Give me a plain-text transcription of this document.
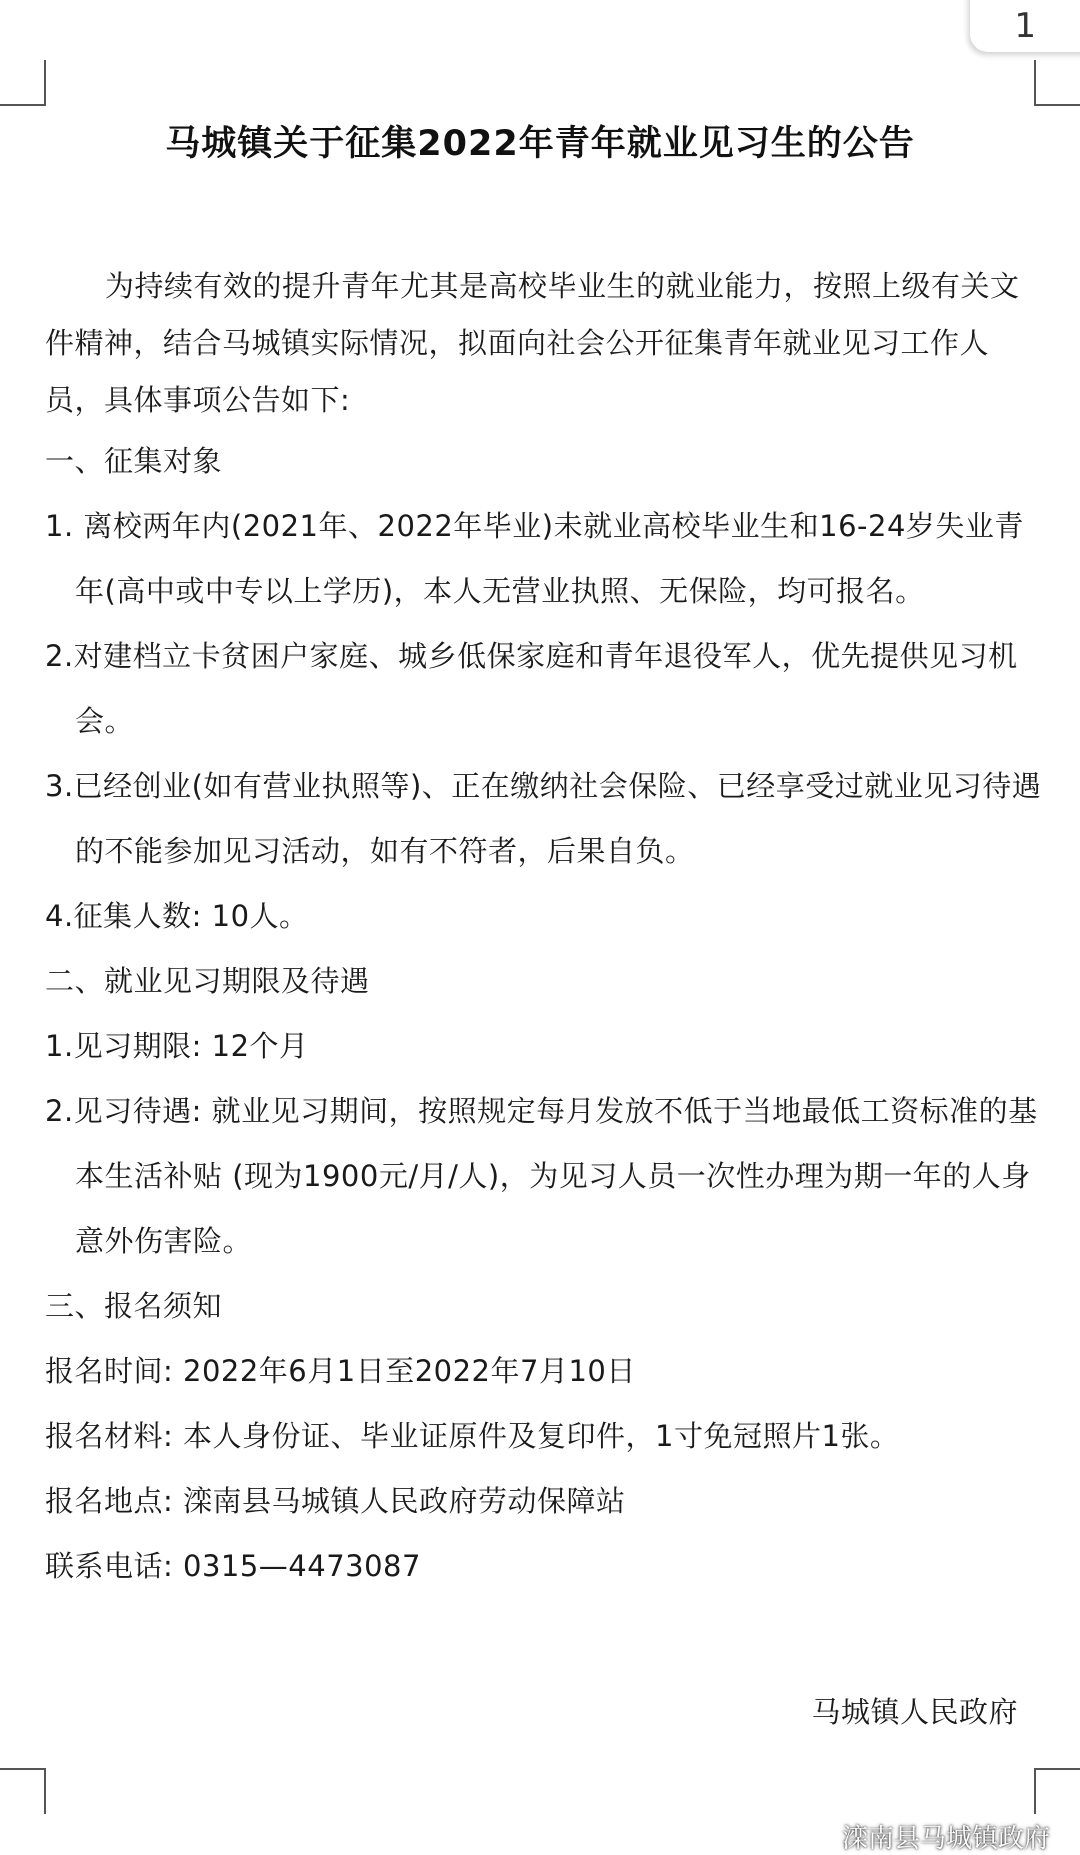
1
马城镇关于征集2022年青年就业见习生的公告

为持续有效的提升青年尤其是高校毕业生的就业能力，按照上级有关文件精神，结合马城镇实际情况，拟面向社会公开征集青年就业见习工作人员，具体事项公告如下:

一、征集对象

1. 离校两年内(2021年、2022年毕业)未就业高校毕业生和16-24岁失业青年(高中或中专以上学历)，本人无营业执照、无保险，均可报名。

2.对建档立卡贫困户家庭、城乡低保家庭和青年退役军人，优先提供见习机会。

3.已经创业(如有营业执照等)、正在缴纳社会保险、已经享受过就业见习待遇的不能参加见习活动，如有不符者，后果自负。

4.征集人数: 10人。

二、就业见习期限及待遇

1.见习期限: 12个月

2.见习待遇: 就业见习期间，按照规定每月发放不低于当地最低工资标准的基本生活补贴 (现为1900元/月/人)，为见习人员一次性办理为期一年的人身意外伤害险。

三、报名须知

报名时间: 2022年6月1日至2022年7月10日

报名材料: 本人身份证、毕业证原件及复印件，1寸免冠照片1张。

报名地点: 滦南县马城镇人民政府劳动保障站

联系电话: 0315—4473087

马城镇人民政府
滦南县马城镇政府
